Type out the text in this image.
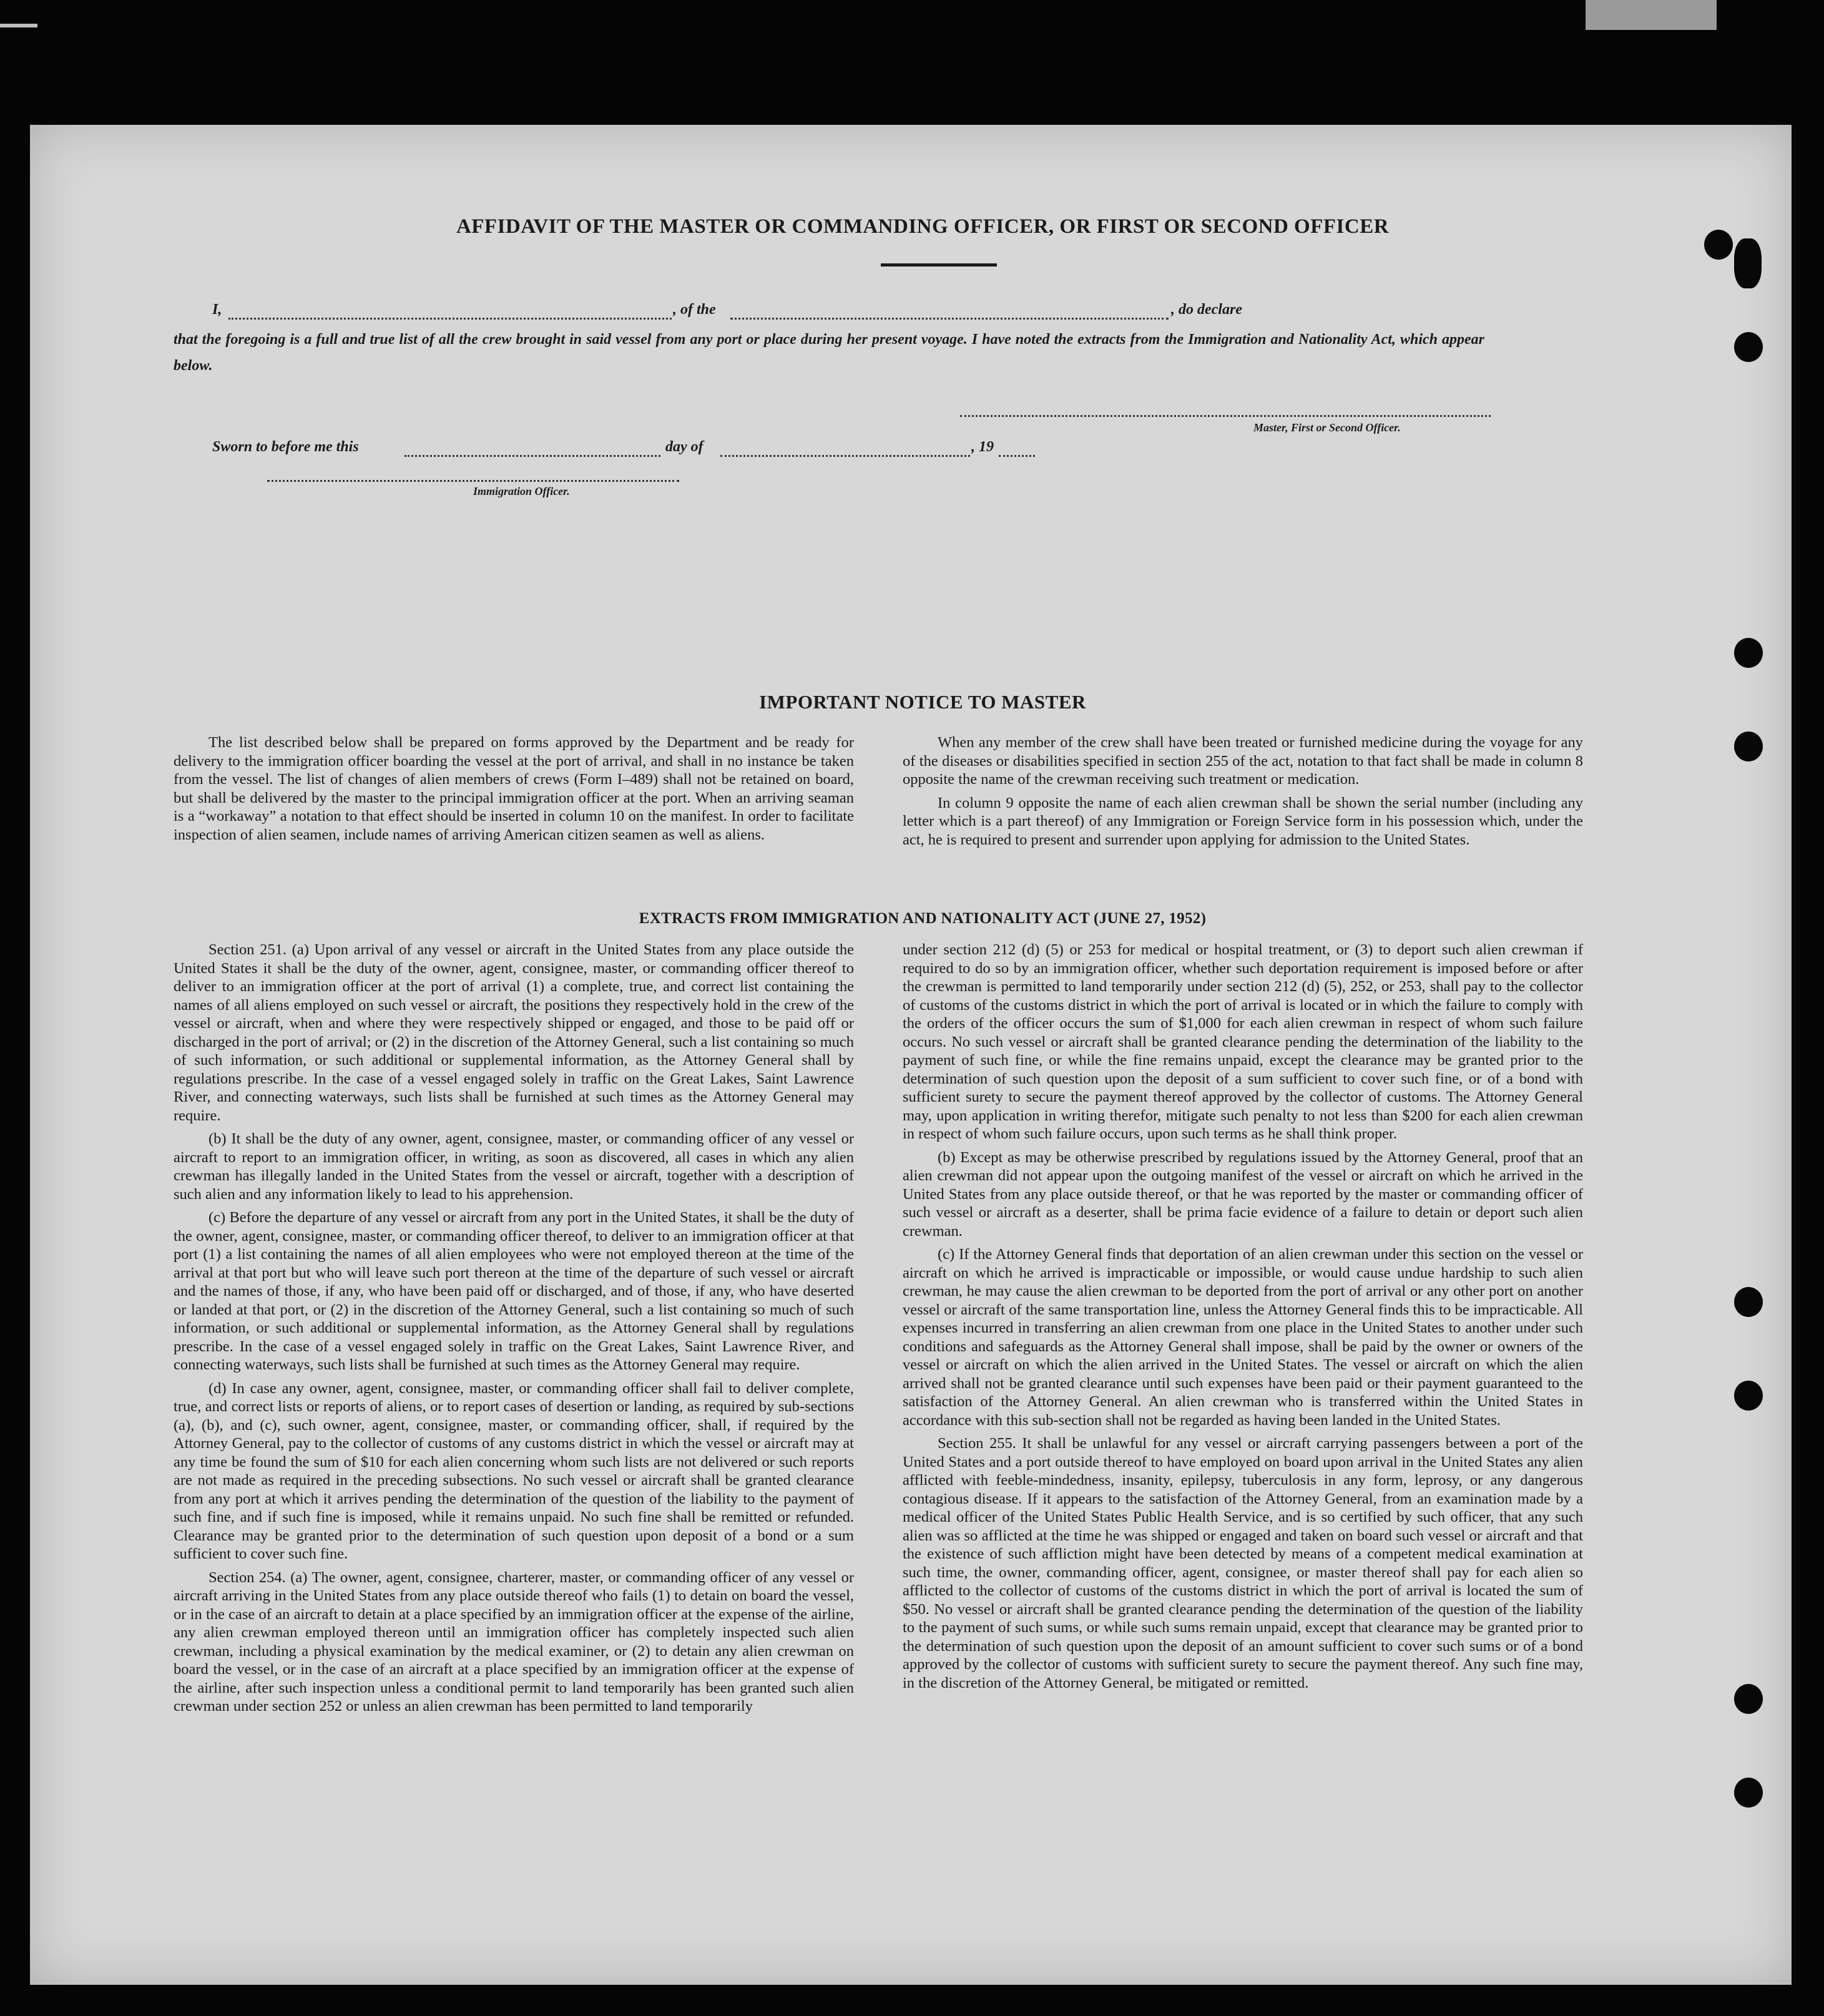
AFFIDAVIT OF THE MASTER OR COMMANDING OFFICER, OR FIRST OR SECOND OFFICER
I,	, of the	, do declare
that the foregoing is a full and true list of all the crew brought in said vessel from any port or place during her present voyage. I have noted the extracts from the Immigration and Nationality Act, which appear below.
Master, First or Second Officer.
Sworn to before me this	day of	, 19
Immigration Officer.
IMPORTANT NOTICE TO MASTER

The list described below shall be prepared on forms approved by the Department and be ready for delivery to the immigration officer boarding the vessel at the port of arrival, and shall in no instance be taken from the vessel. The list of changes of alien members of crews (Form I–489) shall not be retained on board, but shall be delivered by the master to the principal immigration officer at the port. When an arriving seaman is a “workaway” a notation to that effect should be inserted in column 10 on the manifest. In order to facilitate inspection of alien seamen, include names of arriving American citizen seamen as well as aliens.

When any member of the crew shall have been treated or furnished medicine during the voyage for any of the diseases or disabilities specified in section 255 of the act, notation to that fact shall be made in column 8 opposite the name of the crewman receiving such treatment or medication.

In column 9 opposite the name of each alien crewman shall be shown the serial number (including any letter which is a part thereof) of any Immigration or Foreign Service form in his possession which, under the act, he is required to present and surrender upon applying for admission to the United States.

EXTRACTS FROM IMMIGRATION AND NATIONALITY ACT (JUNE 27, 1952)

Section 251. (a) Upon arrival of any vessel or aircraft in the United States from any place outside the United States it shall be the duty of the owner, agent, consignee, master, or commanding officer thereof to deliver to an immigration officer at the port of arrival (1) a complete, true, and correct list containing the names of all aliens employed on such vessel or aircraft, the positions they respectively hold in the crew of the vessel or aircraft, when and where they were respectively shipped or engaged, and those to be paid off or discharged in the port of arrival; or (2) in the discretion of the Attorney General, such a list containing so much of such information, or such additional or supplemental information, as the Attorney General shall by regulations prescribe. In the case of a vessel engaged solely in traffic on the Great Lakes, Saint Lawrence River, and connecting waterways, such lists shall be furnished at such times as the Attorney General may require.

(b) It shall be the duty of any owner, agent, consignee, master, or commanding officer of any vessel or aircraft to report to an immigration officer, in writing, as soon as discovered, all cases in which any alien crewman has illegally landed in the United States from the vessel or aircraft, together with a description of such alien and any information likely to lead to his apprehension.

(c) Before the departure of any vessel or aircraft from any port in the United States, it shall be the duty of the owner, agent, consignee, master, or commanding officer thereof, to deliver to an immigration officer at that port (1) a list containing the names of all alien employees who were not employed thereon at the time of the arrival at that port but who will leave such port thereon at the time of the departure of such vessel or aircraft and the names of those, if any, who have been paid off or discharged, and of those, if any, who have deserted or landed at that port, or (2) in the discretion of the Attorney General, such a list containing so much of such information, or such additional or supplemental information, as the Attorney General shall by regulations prescribe. In the case of a vessel engaged solely in traffic on the Great Lakes, Saint Lawrence River, and connecting waterways, such lists shall be furnished at such times as the Attorney General may require.

(d) In case any owner, agent, consignee, master, or commanding officer shall fail to deliver complete, true, and correct lists or reports of aliens, or to report cases of desertion or landing, as required by sub-sections (a), (b), and (c), such owner, agent, consignee, master, or commanding officer, shall, if required by the Attorney General, pay to the collector of customs of any customs district in which the vessel or aircraft may at any time be found the sum of $10 for each alien concerning whom such lists are not delivered or such reports are not made as required in the preceding subsections. No such vessel or aircraft shall be granted clearance from any port at which it arrives pending the determination of the question of the liability to the payment of such fine, and if such fine is imposed, while it remains unpaid. No such fine shall be remitted or refunded. Clearance may be granted prior to the determination of such question upon deposit of a bond or a sum sufficient to cover such fine.

Section 254. (a) The owner, agent, consignee, charterer, master, or commanding officer of any vessel or aircraft arriving in the United States from any place outside thereof who fails (1) to detain on board the vessel, or in the case of an aircraft to detain at a place specified by an immigration officer at the expense of the airline, any alien crewman employed thereon until an immigration officer has completely inspected such alien crewman, including a physical examination by the medical examiner, or (2) to detain any alien crewman on board the vessel, or in the case of an aircraft at a place specified by an immigration officer at the expense of the airline, after such inspection unless a conditional permit to land temporarily has been granted such alien crewman under section 252 or unless an alien crewman has been permitted to land temporarily

under section 212 (d) (5) or 253 for medical or hospital treatment, or (3) to deport such alien crewman if required to do so by an immigration officer, whether such deportation requirement is imposed before or after the crewman is permitted to land temporarily under section 212 (d) (5), 252, or 253, shall pay to the collector of customs of the customs district in which the port of arrival is located or in which the failure to comply with the orders of the officer occurs the sum of $1,000 for each alien crewman in respect of whom such failure occurs. No such vessel or aircraft shall be granted clearance pending the determination of the liability to the payment of such fine, or while the fine remains unpaid, except the clearance may be granted prior to the determination of such question upon the deposit of a sum sufficient to cover such fine, or of a bond with sufficient surety to secure the payment thereof approved by the collector of customs. The Attorney General may, upon application in writing therefor, mitigate such penalty to not less than $200 for each alien crewman in respect of whom such failure occurs, upon such terms as he shall think proper.

(b) Except as may be otherwise prescribed by regulations issued by the Attorney General, proof that an alien crewman did not appear upon the outgoing manifest of the vessel or aircraft on which he arrived in the United States from any place outside thereof, or that he was reported by the master or commanding officer of such vessel or aircraft as a deserter, shall be prima facie evidence of a failure to detain or deport such alien crewman.

(c) If the Attorney General finds that deportation of an alien crewman under this section on the vessel or aircraft on which he arrived is impracticable or impossible, or would cause undue hardship to such alien crewman, he may cause the alien crewman to be deported from the port of arrival or any other port on another vessel or aircraft of the same transportation line, unless the Attorney General finds this to be impracticable. All expenses incurred in transferring an alien crewman from one place in the United States to another under such conditions and safeguards as the Attorney General shall impose, shall be paid by the owner or owners of the vessel or aircraft on which the alien arrived in the United States. The vessel or aircraft on which the alien arrived shall not be granted clearance until such expenses have been paid or their payment guaranteed to the satisfaction of the Attorney General. An alien crewman who is transferred within the United States in accordance with this sub-section shall not be regarded as having been landed in the United States.

Section 255. It shall be unlawful for any vessel or aircraft carrying passengers between a port of the United States and a port outside thereof to have employed on board upon arrival in the United States any alien afflicted with feeble-mindedness, insanity, epilepsy, tuberculosis in any form, leprosy, or any dangerous contagious disease. If it appears to the satisfaction of the Attorney General, from an examination made by a medical officer of the United States Public Health Service, and is so certified by such officer, that any such alien was so afflicted at the time he was shipped or engaged and taken on board such vessel or aircraft and that the existence of such affliction might have been detected by means of a competent medical examination at such time, the owner, commanding officer, agent, consignee, or master thereof shall pay for each alien so afflicted to the collector of customs of the customs district in which the port of arrival is located the sum of $50. No vessel or aircraft shall be granted clearance pending the determination of the question of the liability to the payment of such sums, or while such sums remain unpaid, except that clearance may be granted prior to the determination of such question upon the deposit of an amount sufficient to cover such sums or of a bond approved by the collector of customs with sufficient surety to secure the payment thereof. Any such fine may, in the discretion of the Attorney General, be mitigated or remitted.
